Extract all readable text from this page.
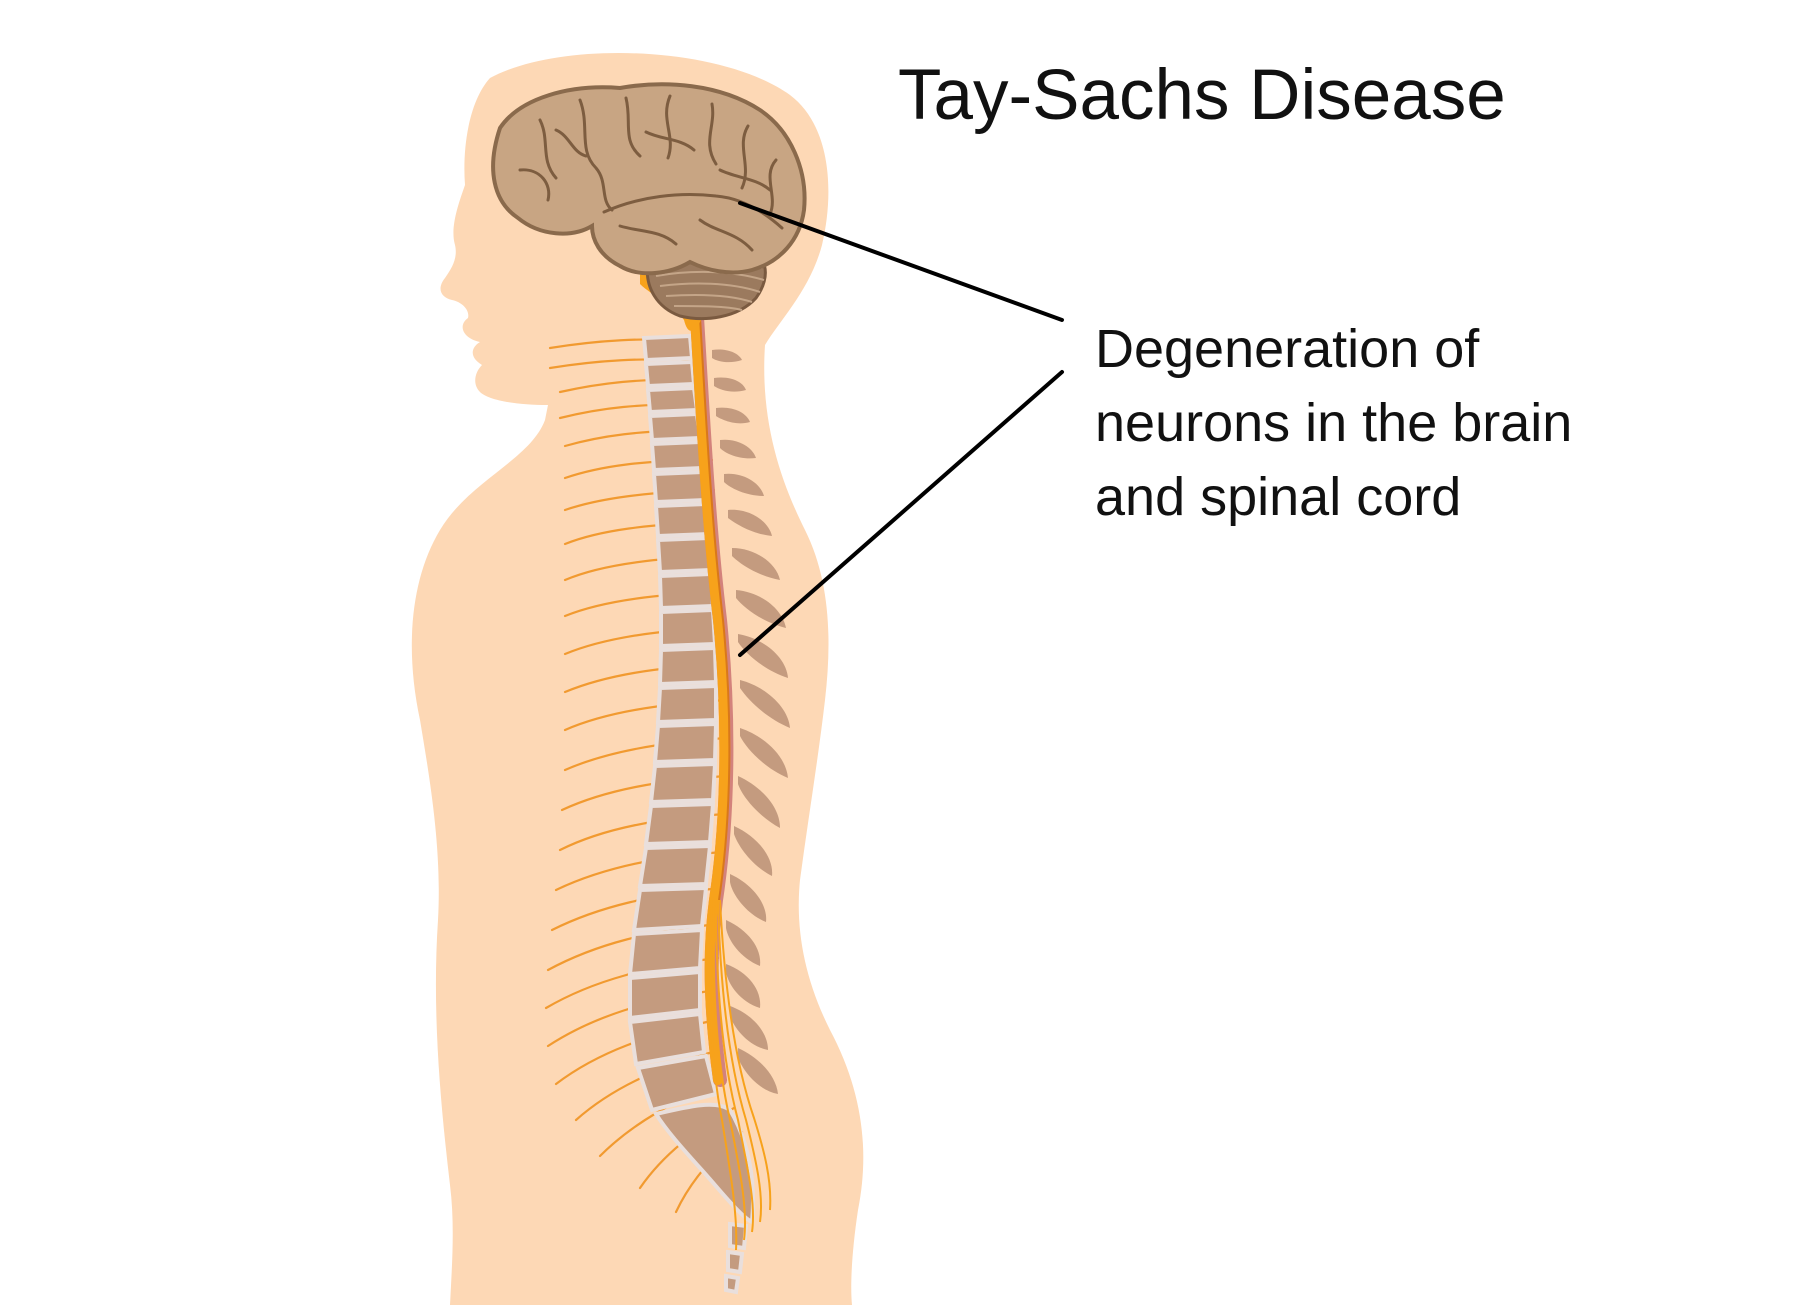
Tay-Sachs Disease
Degeneration of
neurons in the brain
and spinal cord
